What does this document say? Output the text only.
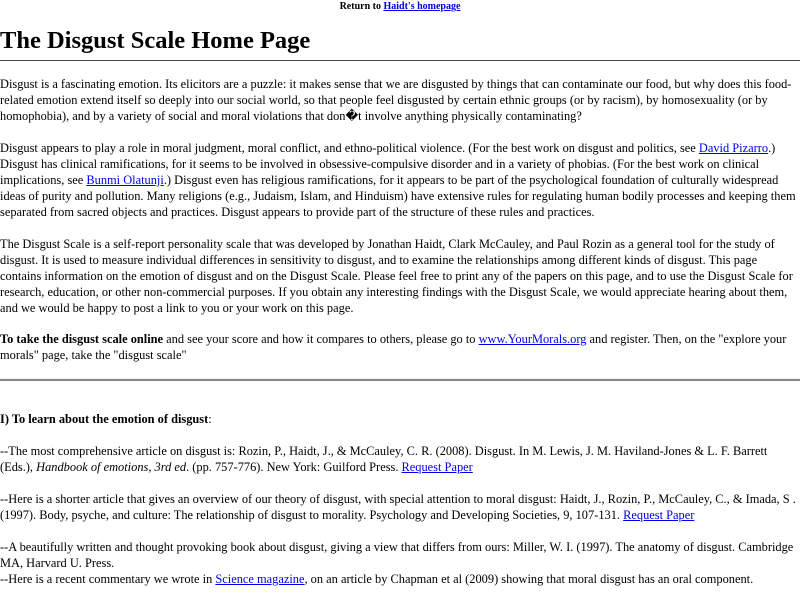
Return to Haidt's homepage
The Disgust Scale Home Page

Disgust is a fascinating emotion. Its elicitors are a puzzle: it makes sense that we are disgusted by things that can contaminate our food, but why does this food-related emotion extend itself so deeply into our social world, so that people feel disgusted by certain ethnic groups (or by racism), by homosexuality (or by homophobia), and by a variety of social and moral violations that don�t involve anything physically contaminating?

Disgust appears to play a role in moral judgment, moral conflict, and ethno-political violence. (For the best work on disgust and politics, see David Pizarro.) Disgust has clinical ramifications, for it seems to be involved in obsessive-compulsive disorder and in a variety of phobias. (For the best work on clinical implications, see Bunmi Olatunji.) Disgust even has religious ramifications, for it appears to be part of the psychological foundation of culturally widespread ideas of purity and pollution. Many religions (e.g., Judaism, Islam, and Hinduism) have extensive rules for regulating human bodily processes and keeping them separated from sacred objects and practices. Disgust appears to provide part of the structure of these rules and practices.

The Disgust Scale is a self-report personality scale that was developed by Jonathan Haidt, Clark McCauley, and Paul Rozin as a general tool for the study of disgust. It is used to measure individual differences in sensitivity to disgust, and to examine the relationships among different kinds of disgust. This page contains information on the emotion of disgust and on the Disgust Scale. Please feel free to print any of the papers on this page, and to use the Disgust Scale for research, education, or other non-commercial purposes. If you obtain any interesting findings with the Disgust Scale, we would appreciate hearing about them, and we would be happy to post a link to you or your work on this page.

To take the disgust scale online and see your score and how it compares to others, please go to www.YourMorals.org and register. Then, on the "explore your morals" page, take the "disgust scale"

I) To learn about the emotion of disgust:

--The most comprehensive article on disgust is: Rozin, P., Haidt, J., & McCauley, C. R. (2008). Disgust. In M. Lewis, J. M. Haviland-Jones & L. F. Barrett (Eds.), Handbook of emotions, 3rd ed. (pp. 757-776). New York: Guilford Press. Request Paper

--Here is a shorter article that gives an overview of our theory of disgust, with special attention to moral disgust: Haidt, J., Rozin, P., McCauley, C., & Imada, S . (1997). Body, psyche, and culture: The relationship of disgust to morality. Psychology and Developing Societies, 9, 107-131. Request Paper

--A beautifully written and thought provoking book about disgust, giving a view that differs from ours: Miller, W. I. (1997). The anatomy of disgust. Cambridge MA, Harvard U. Press.

--Here is a recent commentary we wrote in Science magazine, on an article by Chapman et al (2009) showing that moral disgust has an oral component.
